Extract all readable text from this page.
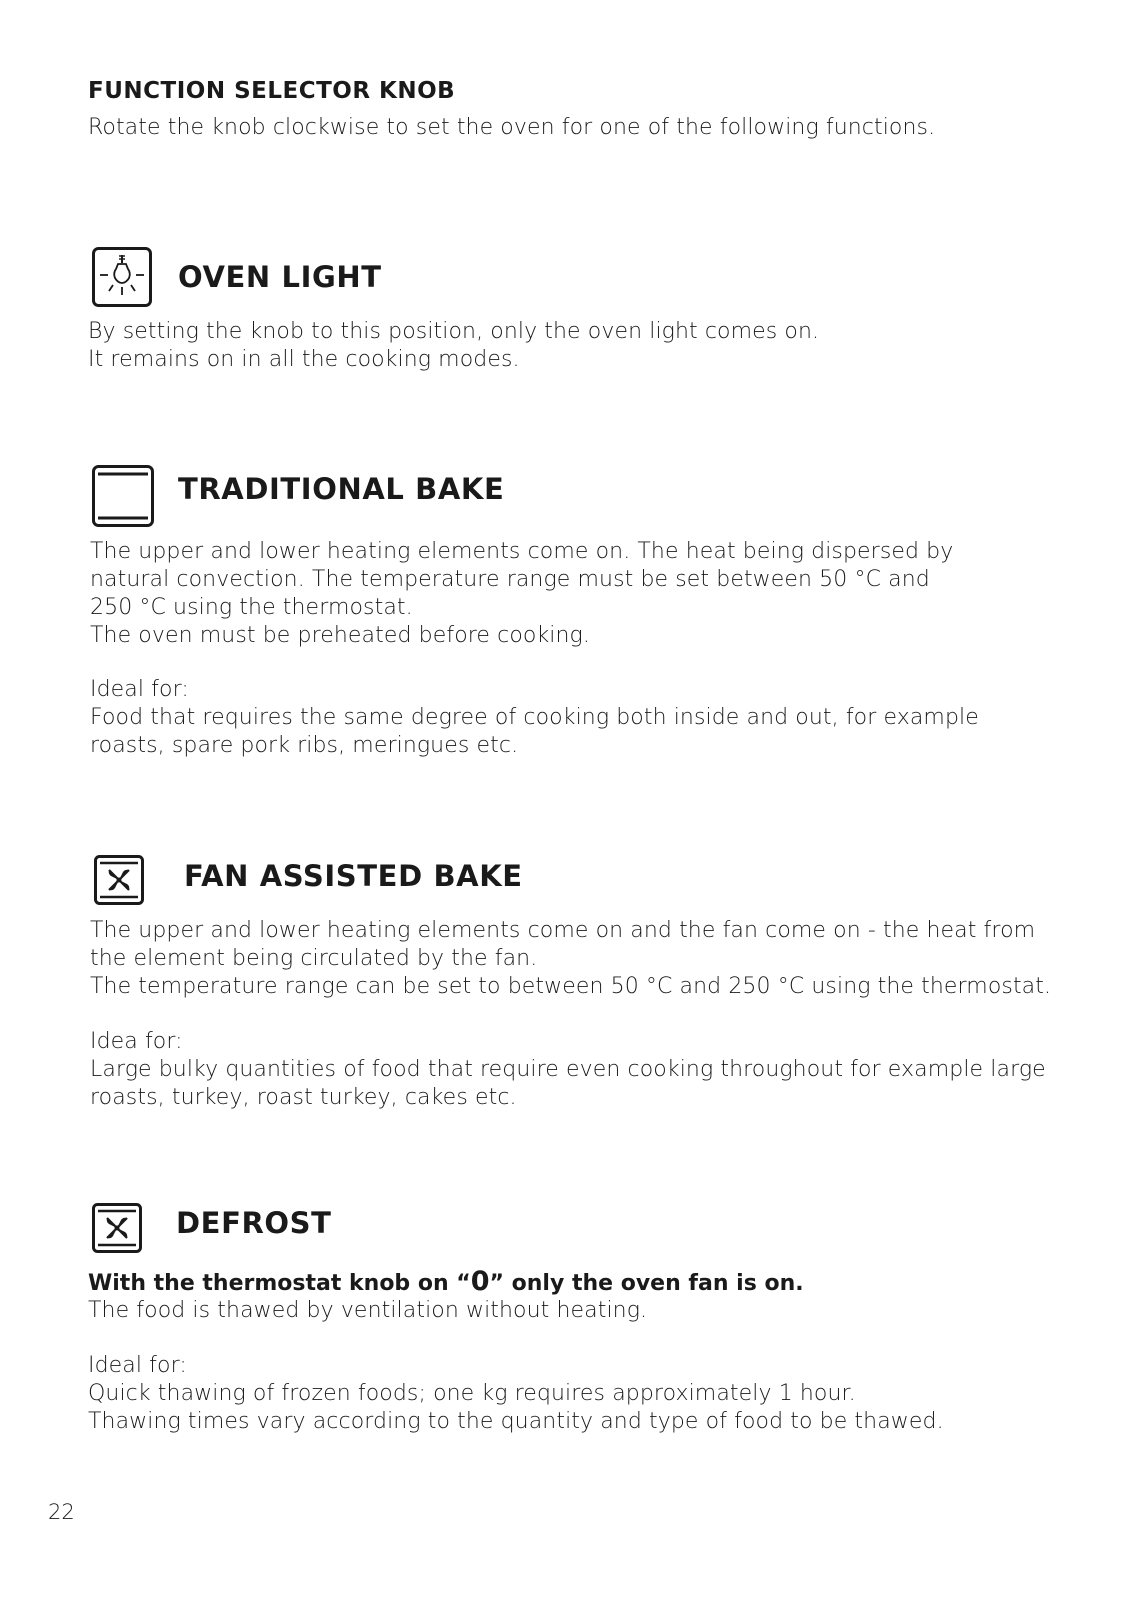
FUNCTION SELECTOR KNOB
Rotate the knob clockwise to set the oven for one of the following functions.
OVEN LIGHT
By setting the knob to this position, only the oven light comes on.
It remains on in all the cooking modes.
TRADITIONAL BAKE
The upper and lower heating elements come on. The heat being dispersed by
natural convection. The temperature range must be set between 50 °C and
250 °C using the thermostat.
The oven must be preheated before cooking.
Ideal for:
Food that requires the same degree of cooking both inside and out, for example
roasts, spare pork ribs, meringues etc.
FAN ASSISTED BAKE
The upper and lower heating elements come on and the fan come on - the heat from
the element being circulated by the fan.
The temperature range can be set to between 50 °C and 250 °C using the thermostat.
Idea for:
Large bulky quantities of food that require even cooking throughout for example large
roasts, turkey, roast turkey, cakes etc.
DEFROST
With the thermostat knob on “0” only the oven fan is on.
The food is thawed by ventilation without heating.
Ideal for:
Quick thawing of frozen foods; one kg requires approximately 1 hour.
Thawing times vary according to the quantity and type of food to be thawed.
22
